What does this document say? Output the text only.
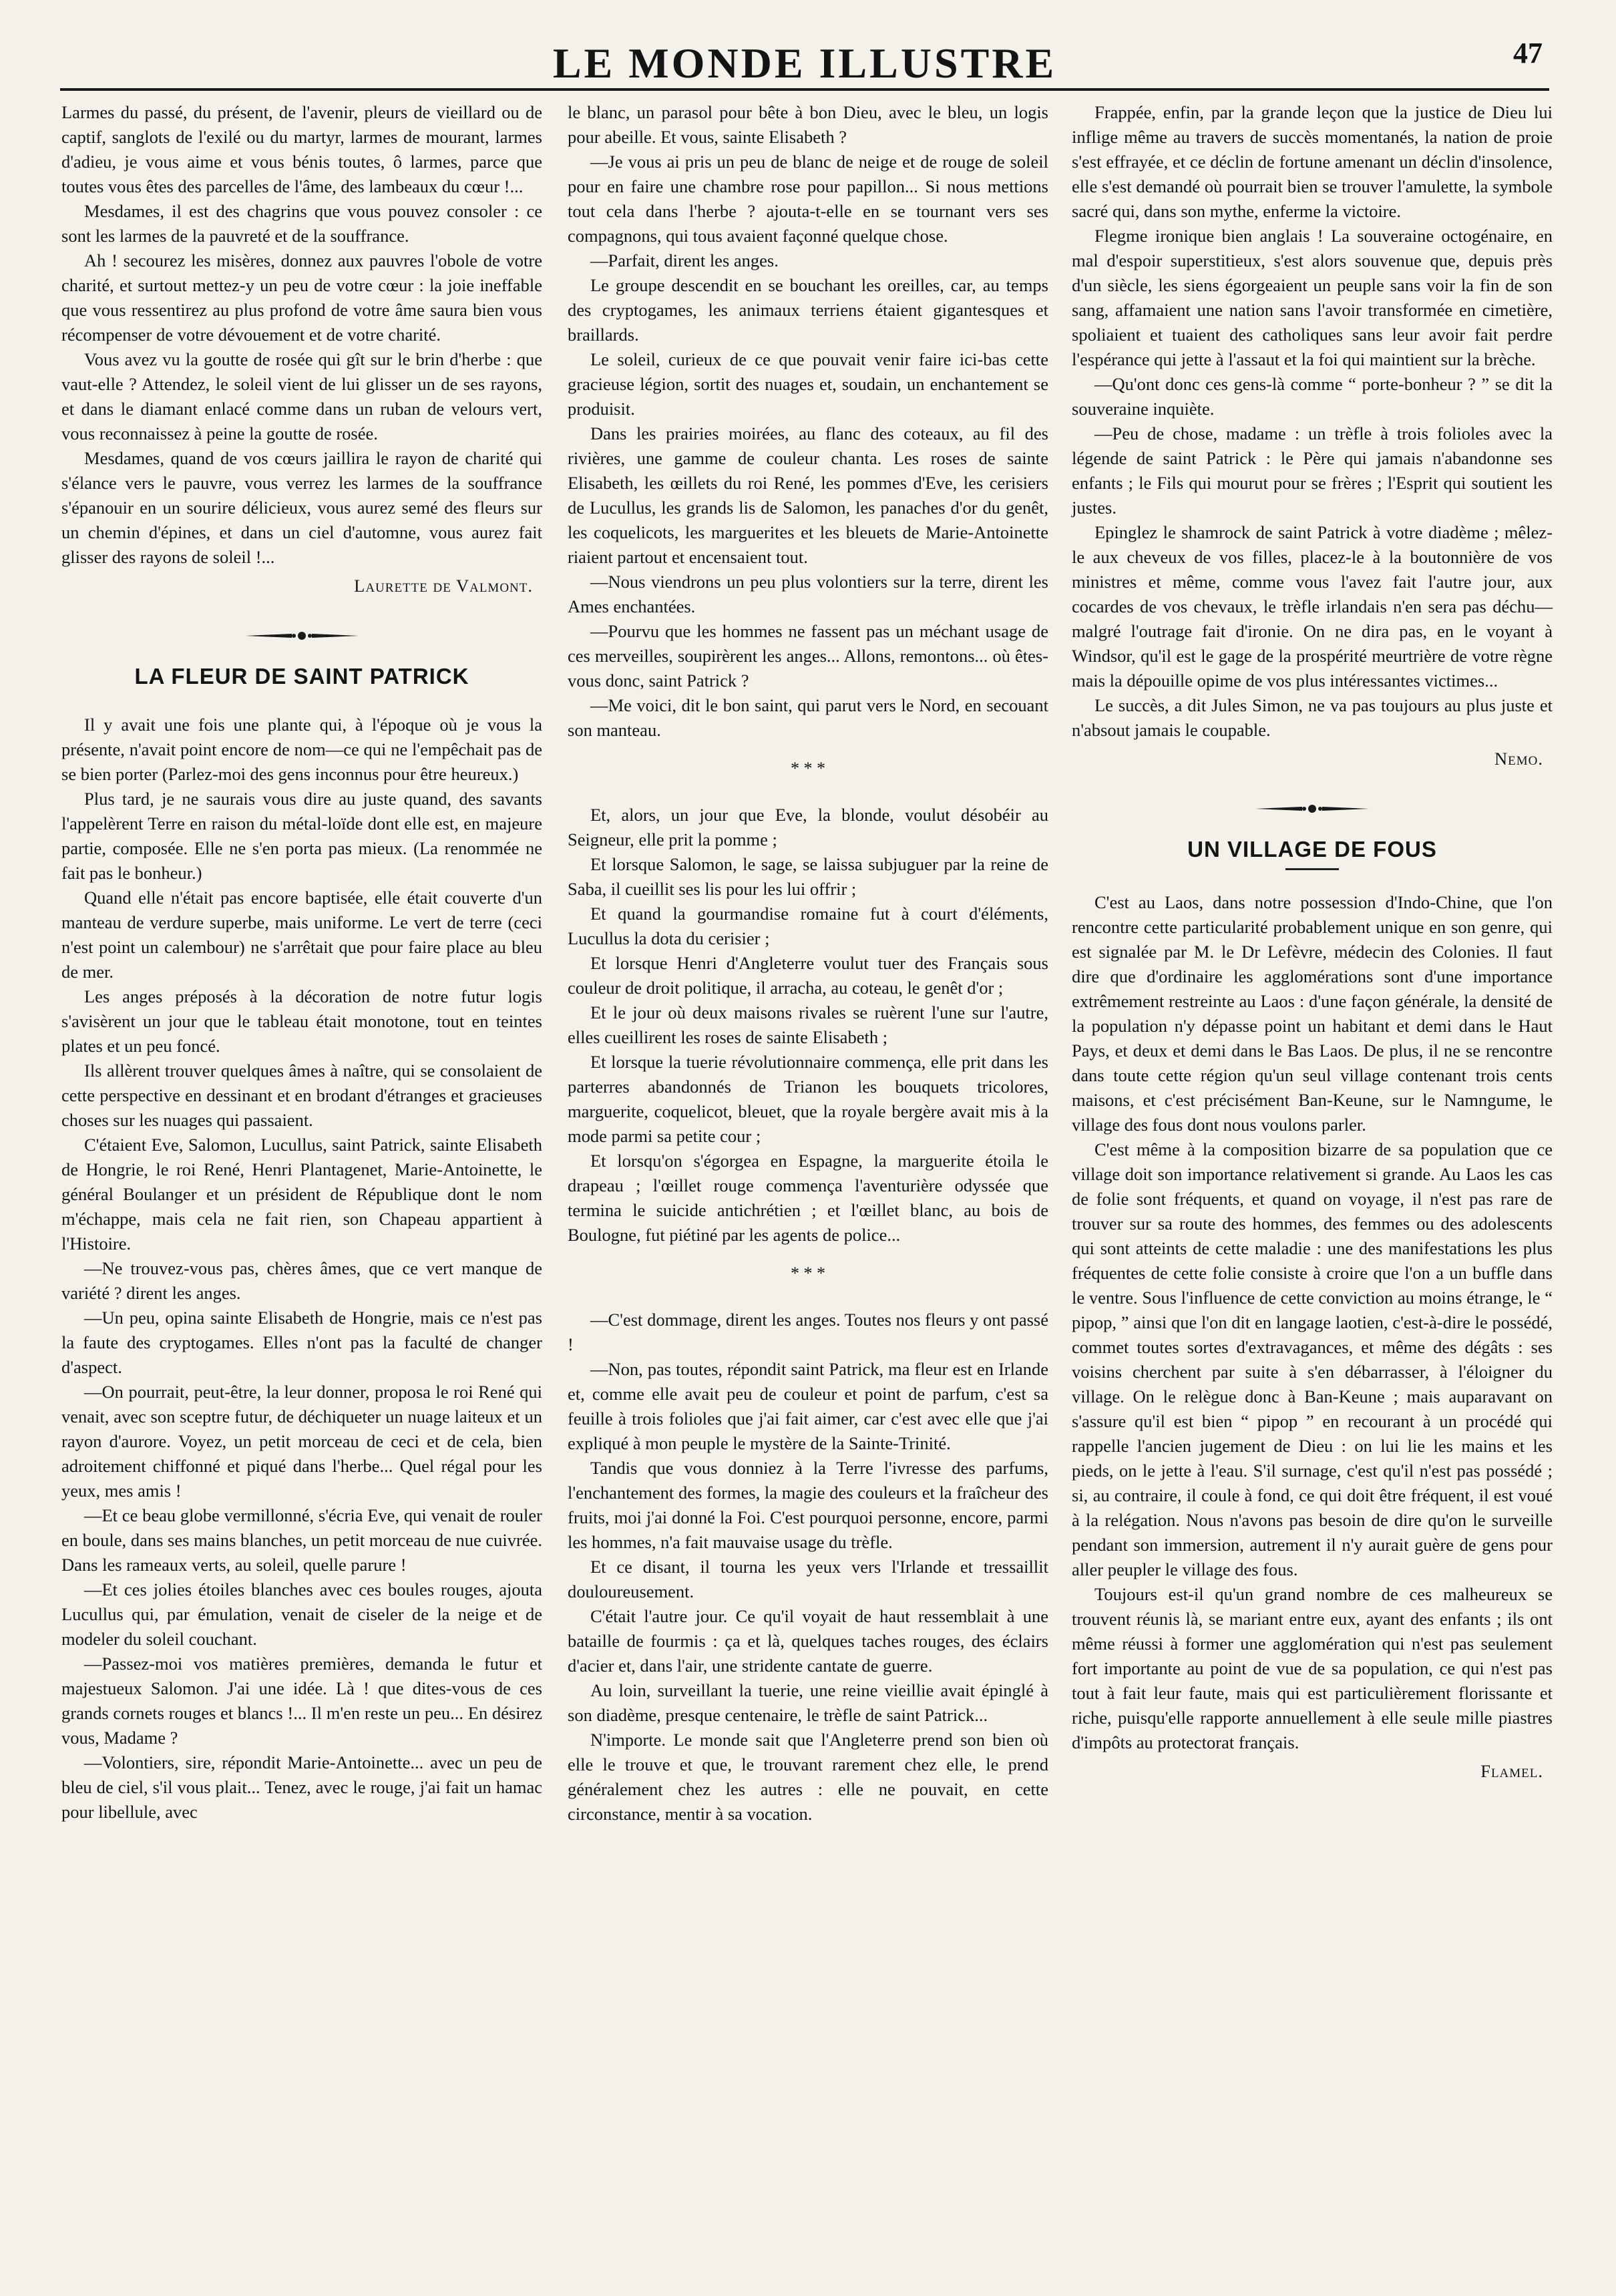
LE MONDE ILLUSTRE	47

Larmes du passé, du présent, de l'avenir, pleurs de vieillard ou de captif, sanglots de l'exilé ou du martyr, larmes de mourant, larmes d'adieu, je vous aime et vous bénis toutes, ô larmes, parce que toutes vous êtes des parcelles de l'âme, des lambeaux du cœur !...

Mesdames, il est des chagrins que vous pouvez consoler : ce sont les larmes de la pauvreté et de la souffrance.

Ah ! secourez les misères, donnez aux pauvres l'obole de votre charité, et surtout mettez-y un peu de votre cœur : la joie ineffable que vous ressentirez au plus profond de votre âme saura bien vous récompenser de votre dévouement et de votre charité.

Vous avez vu la goutte de rosée qui gît sur le brin d'herbe : que vaut-elle ? Attendez, le soleil vient de lui glisser un de ses rayons, et dans le diamant enlacé comme dans un ruban de velours vert, vous reconnaissez à peine la goutte de rosée.

Mesdames, quand de vos cœurs jaillira le rayon de charité qui s'élance vers le pauvre, vous verrez les larmes de la souffrance s'épanouir en un sourire délicieux, vous aurez semé des fleurs sur un chemin d'épines, et dans un ciel d'automne, vous aurez fait glisser des rayons de soleil !...

Laurette de Valmont.
LA FLEUR DE SAINT PATRICK

Il y avait une fois une plante qui, à l'époque où je vous la présente, n'avait point encore de nom—ce qui ne l'empêchait pas de se bien porter (Parlez-moi des gens inconnus pour être heureux.)

Plus tard, je ne saurais vous dire au juste quand, des savants l'appelèrent Terre en raison du métal-loïde dont elle est, en majeure partie, composée. Elle ne s'en porta pas mieux. (La renommée ne fait pas le bonheur.)

Quand elle n'était pas encore baptisée, elle était couverte d'un manteau de verdure superbe, mais uniforme. Le vert de terre (ceci n'est point un calembour) ne s'arrêtait que pour faire place au bleu de mer.

Les anges préposés à la décoration de notre futur logis s'avisèrent un jour que le tableau était monotone, tout en teintes plates et un peu foncé.

Ils allèrent trouver quelques âmes à naître, qui se consolaient de cette perspective en dessinant et en brodant d'étranges et gracieuses choses sur les nuages qui passaient.

C'étaient Eve, Salomon, Lucullus, saint Patrick, sainte Elisabeth de Hongrie, le roi René, Henri Plantagenet, Marie-Antoinette, le général Boulanger et un président de République dont le nom m'échappe, mais cela ne fait rien, son Chapeau appartient à l'Histoire.

—Ne trouvez-vous pas, chères âmes, que ce vert manque de variété ? dirent les anges.

—Un peu, opina sainte Elisabeth de Hongrie, mais ce n'est pas la faute des cryptogames. Elles n'ont pas la faculté de changer d'aspect.

—On pourrait, peut-être, la leur donner, proposa le roi René qui venait, avec son sceptre futur, de déchiqueter un nuage laiteux et un rayon d'aurore. Voyez, un petit morceau de ceci et de cela, bien adroitement chiffonné et piqué dans l'herbe... Quel régal pour les yeux, mes amis !

—Et ce beau globe vermillonné, s'écria Eve, qui venait de rouler en boule, dans ses mains blanches, un petit morceau de nue cuivrée. Dans les rameaux verts, au soleil, quelle parure !

—Et ces jolies étoiles blanches avec ces boules rouges, ajouta Lucullus qui, par émulation, venait de ciseler de la neige et de modeler du soleil couchant.

—Passez-moi vos matières premières, demanda le futur et majestueux Salomon. J'ai une idée. Là ! que dites-vous de ces grands cornets rouges et blancs !... Il m'en reste un peu... En désirez vous, Madame ?

—Volontiers, sire, répondit Marie-Antoinette... avec un peu de bleu de ciel, s'il vous plait... Tenez, avec le rouge, j'ai fait un hamac pour libellule, avec

le blanc, un parasol pour bête à bon Dieu, avec le bleu, un logis pour abeille. Et vous, sainte Elisabeth ?

—Je vous ai pris un peu de blanc de neige et de rouge de soleil pour en faire une chambre rose pour papillon... Si nous mettions tout cela dans l'herbe ? ajouta-t-elle en se tournant vers ses compagnons, qui tous avaient façonné quelque chose.

—Parfait, dirent les anges.

Le groupe descendit en se bouchant les oreilles, car, au temps des cryptogames, les animaux terriens étaient gigantesques et braillards.

Le soleil, curieux de ce que pouvait venir faire ici-bas cette gracieuse légion, sortit des nuages et, soudain, un enchantement se produisit.

Dans les prairies moirées, au flanc des coteaux, au fil des rivières, une gamme de couleur chanta. Les roses de sainte Elisabeth, les œillets du roi René, les pommes d'Eve, les cerisiers de Lucullus, les grands lis de Salomon, les panaches d'or du genêt, les coquelicots, les marguerites et les bleuets de Marie-Antoinette riaient partout et encensaient tout.

—Nous viendrons un peu plus volontiers sur la terre, dirent les Ames enchantées.

—Pourvu que les hommes ne fassent pas un méchant usage de ces merveilles, soupirèrent les anges... Allons, remontons... où êtes-vous donc, saint Patrick ?

—Me voici, dit le bon saint, qui parut vers le Nord, en secouant son manteau.

* * *

Et, alors, un jour que Eve, la blonde, voulut désobéir au Seigneur, elle prit la pomme ;

Et lorsque Salomon, le sage, se laissa subjuguer par la reine de Saba, il cueillit ses lis pour les lui offrir ;

Et quand la gourmandise romaine fut à court d'éléments, Lucullus la dota du cerisier ;

Et lorsque Henri d'Angleterre voulut tuer des Français sous couleur de droit politique, il arracha, au coteau, le genêt d'or ;

Et le jour où deux maisons rivales se ruèrent l'une sur l'autre, elles cueillirent les roses de sainte Elisabeth ;

Et lorsque la tuerie révolutionnaire commença, elle prit dans les parterres abandonnés de Trianon les bouquets tricolores, marguerite, coquelicot, bleuet, que la royale bergère avait mis à la mode parmi sa petite cour ;

Et lorsqu'on s'égorgea en Espagne, la marguerite étoila le drapeau ; l'œillet rouge commença l'aventurière odyssée que termina le suicide antichrétien ; et l'œillet blanc, au bois de Boulogne, fut piétiné par les agents de police...

* * *

—C'est dommage, dirent les anges. Toutes nos fleurs y ont passé !

—Non, pas toutes, répondit saint Patrick, ma fleur est en Irlande et, comme elle avait peu de couleur et point de parfum, c'est sa feuille à trois folioles que j'ai fait aimer, car c'est avec elle que j'ai expliqué à mon peuple le mystère de la Sainte-Trinité.

Tandis que vous donniez à la Terre l'ivresse des parfums, l'enchantement des formes, la magie des couleurs et la fraîcheur des fruits, moi j'ai donné la Foi. C'est pourquoi personne, encore, parmi les hommes, n'a fait mauvaise usage du trèfle.

Et ce disant, il tourna les yeux vers l'Irlande et tressaillit douloureusement.

C'était l'autre jour. Ce qu'il voyait de haut ressemblait à une bataille de fourmis : ça et là, quelques taches rouges, des éclairs d'acier et, dans l'air, une stridente cantate de guerre.

Au loin, surveillant la tuerie, une reine vieillie avait épinglé à son diadème, presque centenaire, le trèfle de saint Patrick...

N'importe. Le monde sait que l'Angleterre prend son bien où elle le trouve et que, le trouvant rarement chez elle, le prend généralement chez les autres : elle ne pouvait, en cette circonstance, mentir à sa vocation.

Frappée, enfin, par la grande leçon que la justice de Dieu lui inflige même au travers de succès momentanés, la nation de proie s'est effrayée, et ce déclin de fortune amenant un déclin d'insolence, elle s'est demandé où pourrait bien se trouver l'amulette, la symbole sacré qui, dans son mythe, enferme la victoire.

Flegme ironique bien anglais ! La souveraine octogénaire, en mal d'espoir superstitieux, s'est alors souvenue que, depuis près d'un siècle, les siens égorgeaient un peuple sans voir la fin de son sang, affamaient une nation sans l'avoir transformée en cimetière, spoliaient et tuaient des catholiques sans leur avoir fait perdre l'espérance qui jette à l'assaut et la foi qui maintient sur la brèche.

—Qu'ont donc ces gens-là comme “ porte-bonheur ? ” se dit la souveraine inquiète.

—Peu de chose, madame : un trèfle à trois folioles avec la légende de saint Patrick : le Père qui jamais n'abandonne ses enfants ; le Fils qui mourut pour se frères ; l'Esprit qui soutient les justes.

Epinglez le shamrock de saint Patrick à votre diadème ; mêlez-le aux cheveux de vos filles, placez-le à la boutonnière de vos ministres et même, comme vous l'avez fait l'autre jour, aux cocardes de vos chevaux, le trèfle irlandais n'en sera pas déchu—malgré l'outrage fait d'ironie. On ne dira pas, en le voyant à Windsor, qu'il est le gage de la prospérité meurtrière de votre règne mais la dépouille opime de vos plus intéressantes victimes...

Le succès, a dit Jules Simon, ne va pas toujours au plus juste et n'absout jamais le coupable.

Nemo.
UN VILLAGE DE FOUS

C'est au Laos, dans notre possession d'Indo-Chine, que l'on rencontre cette particularité probablement unique en son genre, qui est signalée par M. le Dr Lefèvre, médecin des Colonies. Il faut dire que d'ordinaire les agglomérations sont d'une importance extrêmement restreinte au Laos : d'une façon générale, la densité de la population n'y dépasse point un habitant et demi dans le Haut Pays, et deux et demi dans le Bas Laos. De plus, il ne se rencontre dans toute cette région qu'un seul village contenant trois cents maisons, et c'est précisément Ban-Keune, sur le Namngume, le village des fous dont nous voulons parler.

C'est même à la composition bizarre de sa population que ce village doit son importance relativement si grande. Au Laos les cas de folie sont fréquents, et quand on voyage, il n'est pas rare de trouver sur sa route des hommes, des femmes ou des adolescents qui sont atteints de cette maladie : une des manifestations les plus fréquentes de cette folie consiste à croire que l'on a un buffle dans le ventre. Sous l'influence de cette conviction au moins étrange, le “ pipop, ” ainsi que l'on dit en langage laotien, c'est-à-dire le possédé, commet toutes sortes d'extravagances, et même des dégâts : ses voisins cherchent par suite à s'en débarrasser, à l'éloigner du village. On le relègue donc à Ban-Keune ; mais auparavant on s'assure qu'il est bien “ pipop ” en recourant à un procédé qui rappelle l'ancien jugement de Dieu : on lui lie les mains et les pieds, on le jette à l'eau. S'il surnage, c'est qu'il n'est pas possédé ; si, au contraire, il coule à fond, ce qui doit être fréquent, il est voué à la relégation. Nous n'avons pas besoin de dire qu'on le surveille pendant son immersion, autrement il n'y aurait guère de gens pour aller peupler le village des fous.

Toujours est-il qu'un grand nombre de ces malheureux se trouvent réunis là, se mariant entre eux, ayant des enfants ; ils ont même réussi à former une agglomération qui n'est pas seulement fort importante au point de vue de sa population, ce qui n'est pas tout à fait leur faute, mais qui est particulièrement florissante et riche, puisqu'elle rapporte annuellement à elle seule mille piastres d'impôts au protectorat français.

Flamel.
